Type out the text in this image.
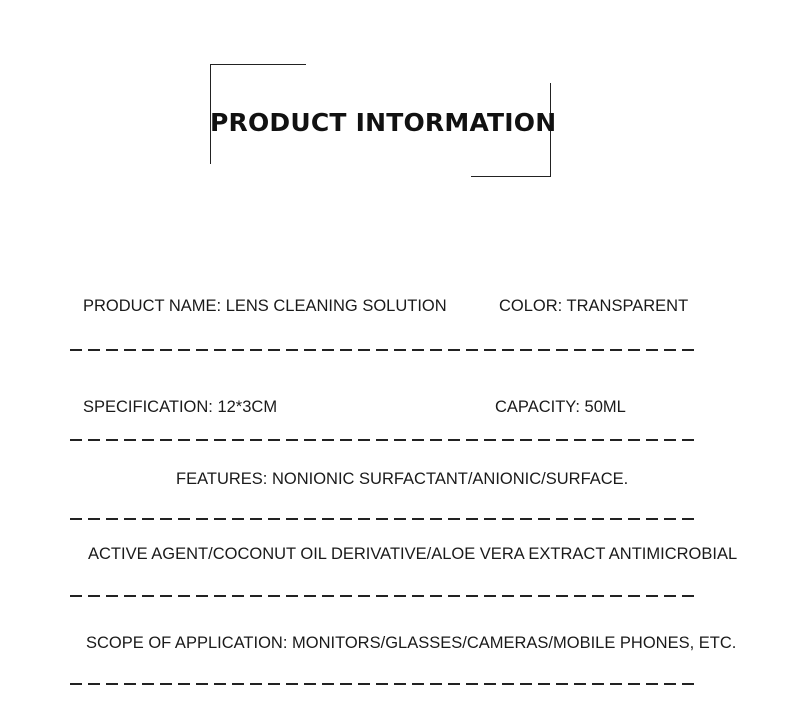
PRODUCT INTORMATION
PRODUCT NAME: LENS CLEANING SOLUTION	COLOR: TRANSPARENT
SPECIFICATION: 12*3CM	CAPACITY: 50ML
FEATURES: NONIONIC SURFACTANT/ANIONIC/SURFACE.
ACTIVE AGENT/COCONUT OIL DERIVATIVE/ALOE VERA EXTRACT ANTIMICROBIAL
SCOPE OF APPLICATION: MONITORS/GLASSES/CAMERAS/MOBILE PHONES, ETC.
